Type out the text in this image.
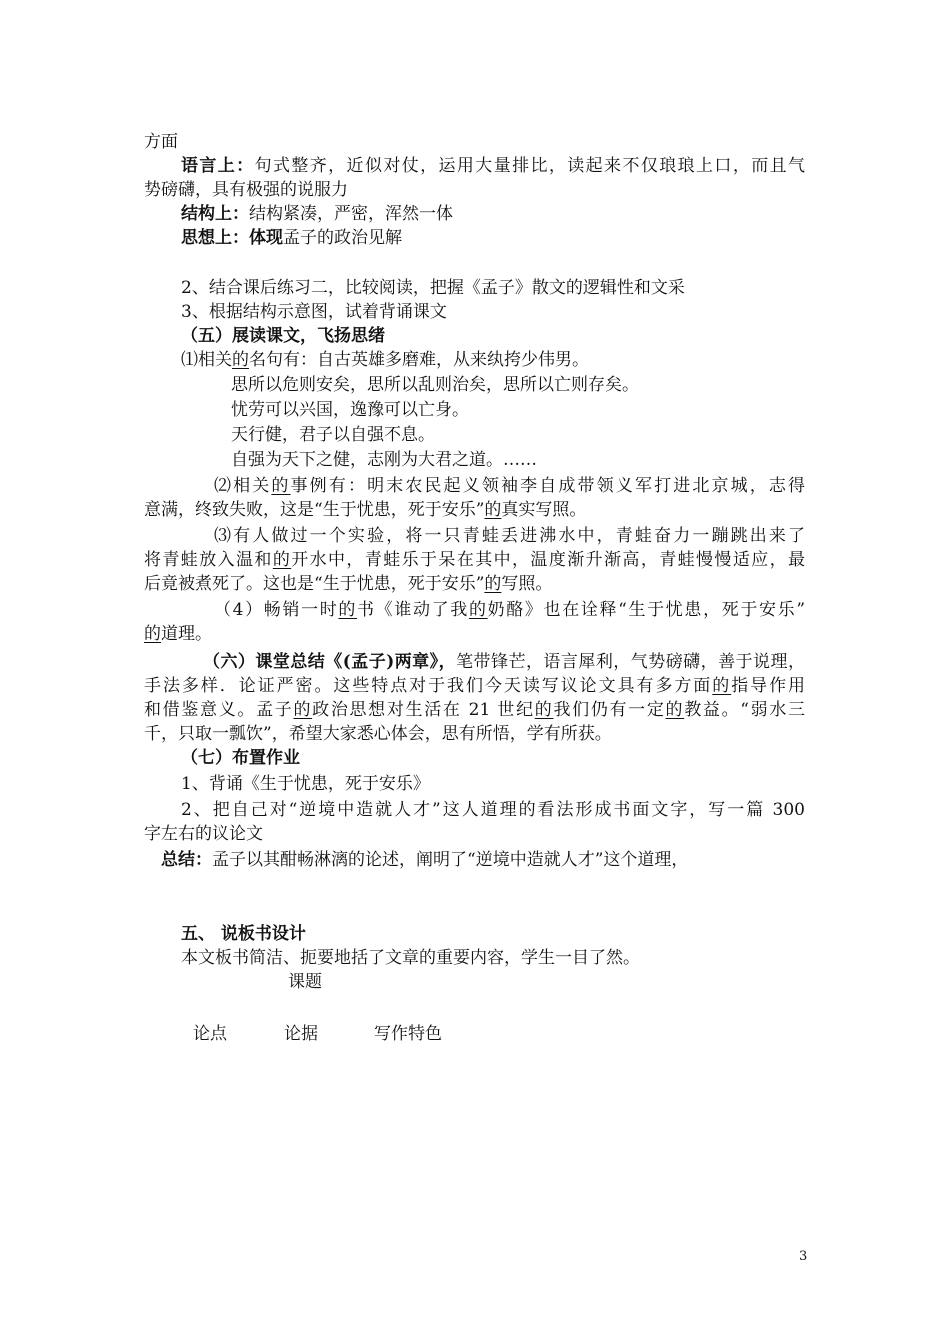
方面
语言上：句式整齐，近似对仗，运用大量排比，读起来不仅琅琅上口，而且气
势磅礴，具有极强的说服力
结构上：结构紧凑，严密，浑然一体
思想上：体现孟子的政治见解
2、结合课后练习二，比较阅读，把握《孟子》散文的逻辑性和文采
3、根据结构示意图，试着背诵课文
（五）展读课文，飞扬思绪
⑴相关的名句有：自古英雄多磨难，从来纨挎少伟男。
思所以危则安矣，思所以乱则治矣，思所以亡则存矣。
忧劳可以兴国，逸豫可以亡身。
天行健，君子以自强不息。
自强为天下之健，志刚为大君之道。……
⑵相关的事例有：明末农民起义领袖李自成带领义军打进北京城，志得
意满，终致失败，这是“生于忧患，死于安乐”的真实写照。
⑶有人做过一个实验，将一只青蛙丢进沸水中，青蛙奋力一蹦跳出来了
将青蛙放入温和的开水中，青蛙乐于呆在其中，温度渐升渐高，青蛙慢慢适应，最
后竟被煮死了。这也是“生于忧患，死于安乐”的写照。
（4）畅销一时的书《谁动了我的奶酪》也在诠释“生于忧患，死于安乐”
的道理。
（六）课堂总结《(孟子)两章》，笔带锋芒，语言犀利，气势磅礴，善于说理，
手法多样．论证严密。这些特点对于我们今天读写议论文具有多方面的指导作用
和借鉴意义。孟子的政治思想对生活在 21 世纪的我们仍有一定的教益。“弱水三
千，只取一瓢饮”，希望大家悉心体会，思有所悟，学有所获。
（七）布置作业
1、背诵《生于忧患，死于安乐》
2、把自己对“逆境中造就人才”这人道理的看法形成书面文字，写一篇 300
字左右的议论文
总结：孟子以其酣畅淋漓的论述，阐明了“逆境中造就人才”这个道理，
五、 说板书设计
本文板书简洁、扼要地括了文章的重要内容，学生一目了然。
课题
论点	论据	写作特色
3
